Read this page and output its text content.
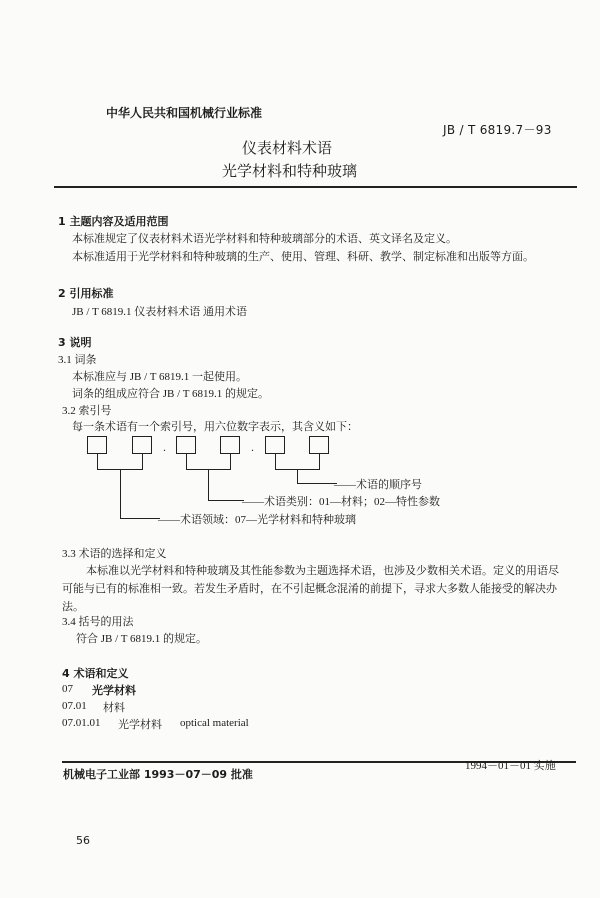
中华人民共和国机械行业标准
JB / T 6819.7－93
仪表材料术语
光学材料和特种玻璃
1 主题内容及适用范围
本标准规定了仪表材料术语光学材料和特种玻璃部分的术语、英文译名及定义。
本标准适用于光学材料和特种玻璃的生产、使用、管理、科研、教学、制定标准和出版等方面。
2 引用标准
JB / T 6819.1 仪表材料术语 通用术语
3 说明
3.1 词条
本标准应与 JB / T 6819.1 一起使用。
词条的组成应符合 JB / T 6819.1 的规定。
3.2 索引号
每一条术语有一个索引号，用六位数字表示，其含义如下：
.	.
——术语的顺序号
——术语类别：01—材料；02—特性参数
——术语领域：07—光学材料和特种玻璃
3.3 术语的选择和定义
本标准以光学材料和特种玻璃及其性能参数为主题选择术语，也涉及少数相关术语。定义的用语尽
可能与已有的标准相一致。若发生矛盾时，在不引起概念混淆的前提下，寻求大多数人能接受的解决办
法。
3.4 括号的用法
符合 JB / T 6819.1 的规定。
4 术语和定义
07 光学材料
07.01 材料
07.01.01 光学材料 optical material
机械电子工业部 1993－07－09 批准
1994－01－01 实施
56
